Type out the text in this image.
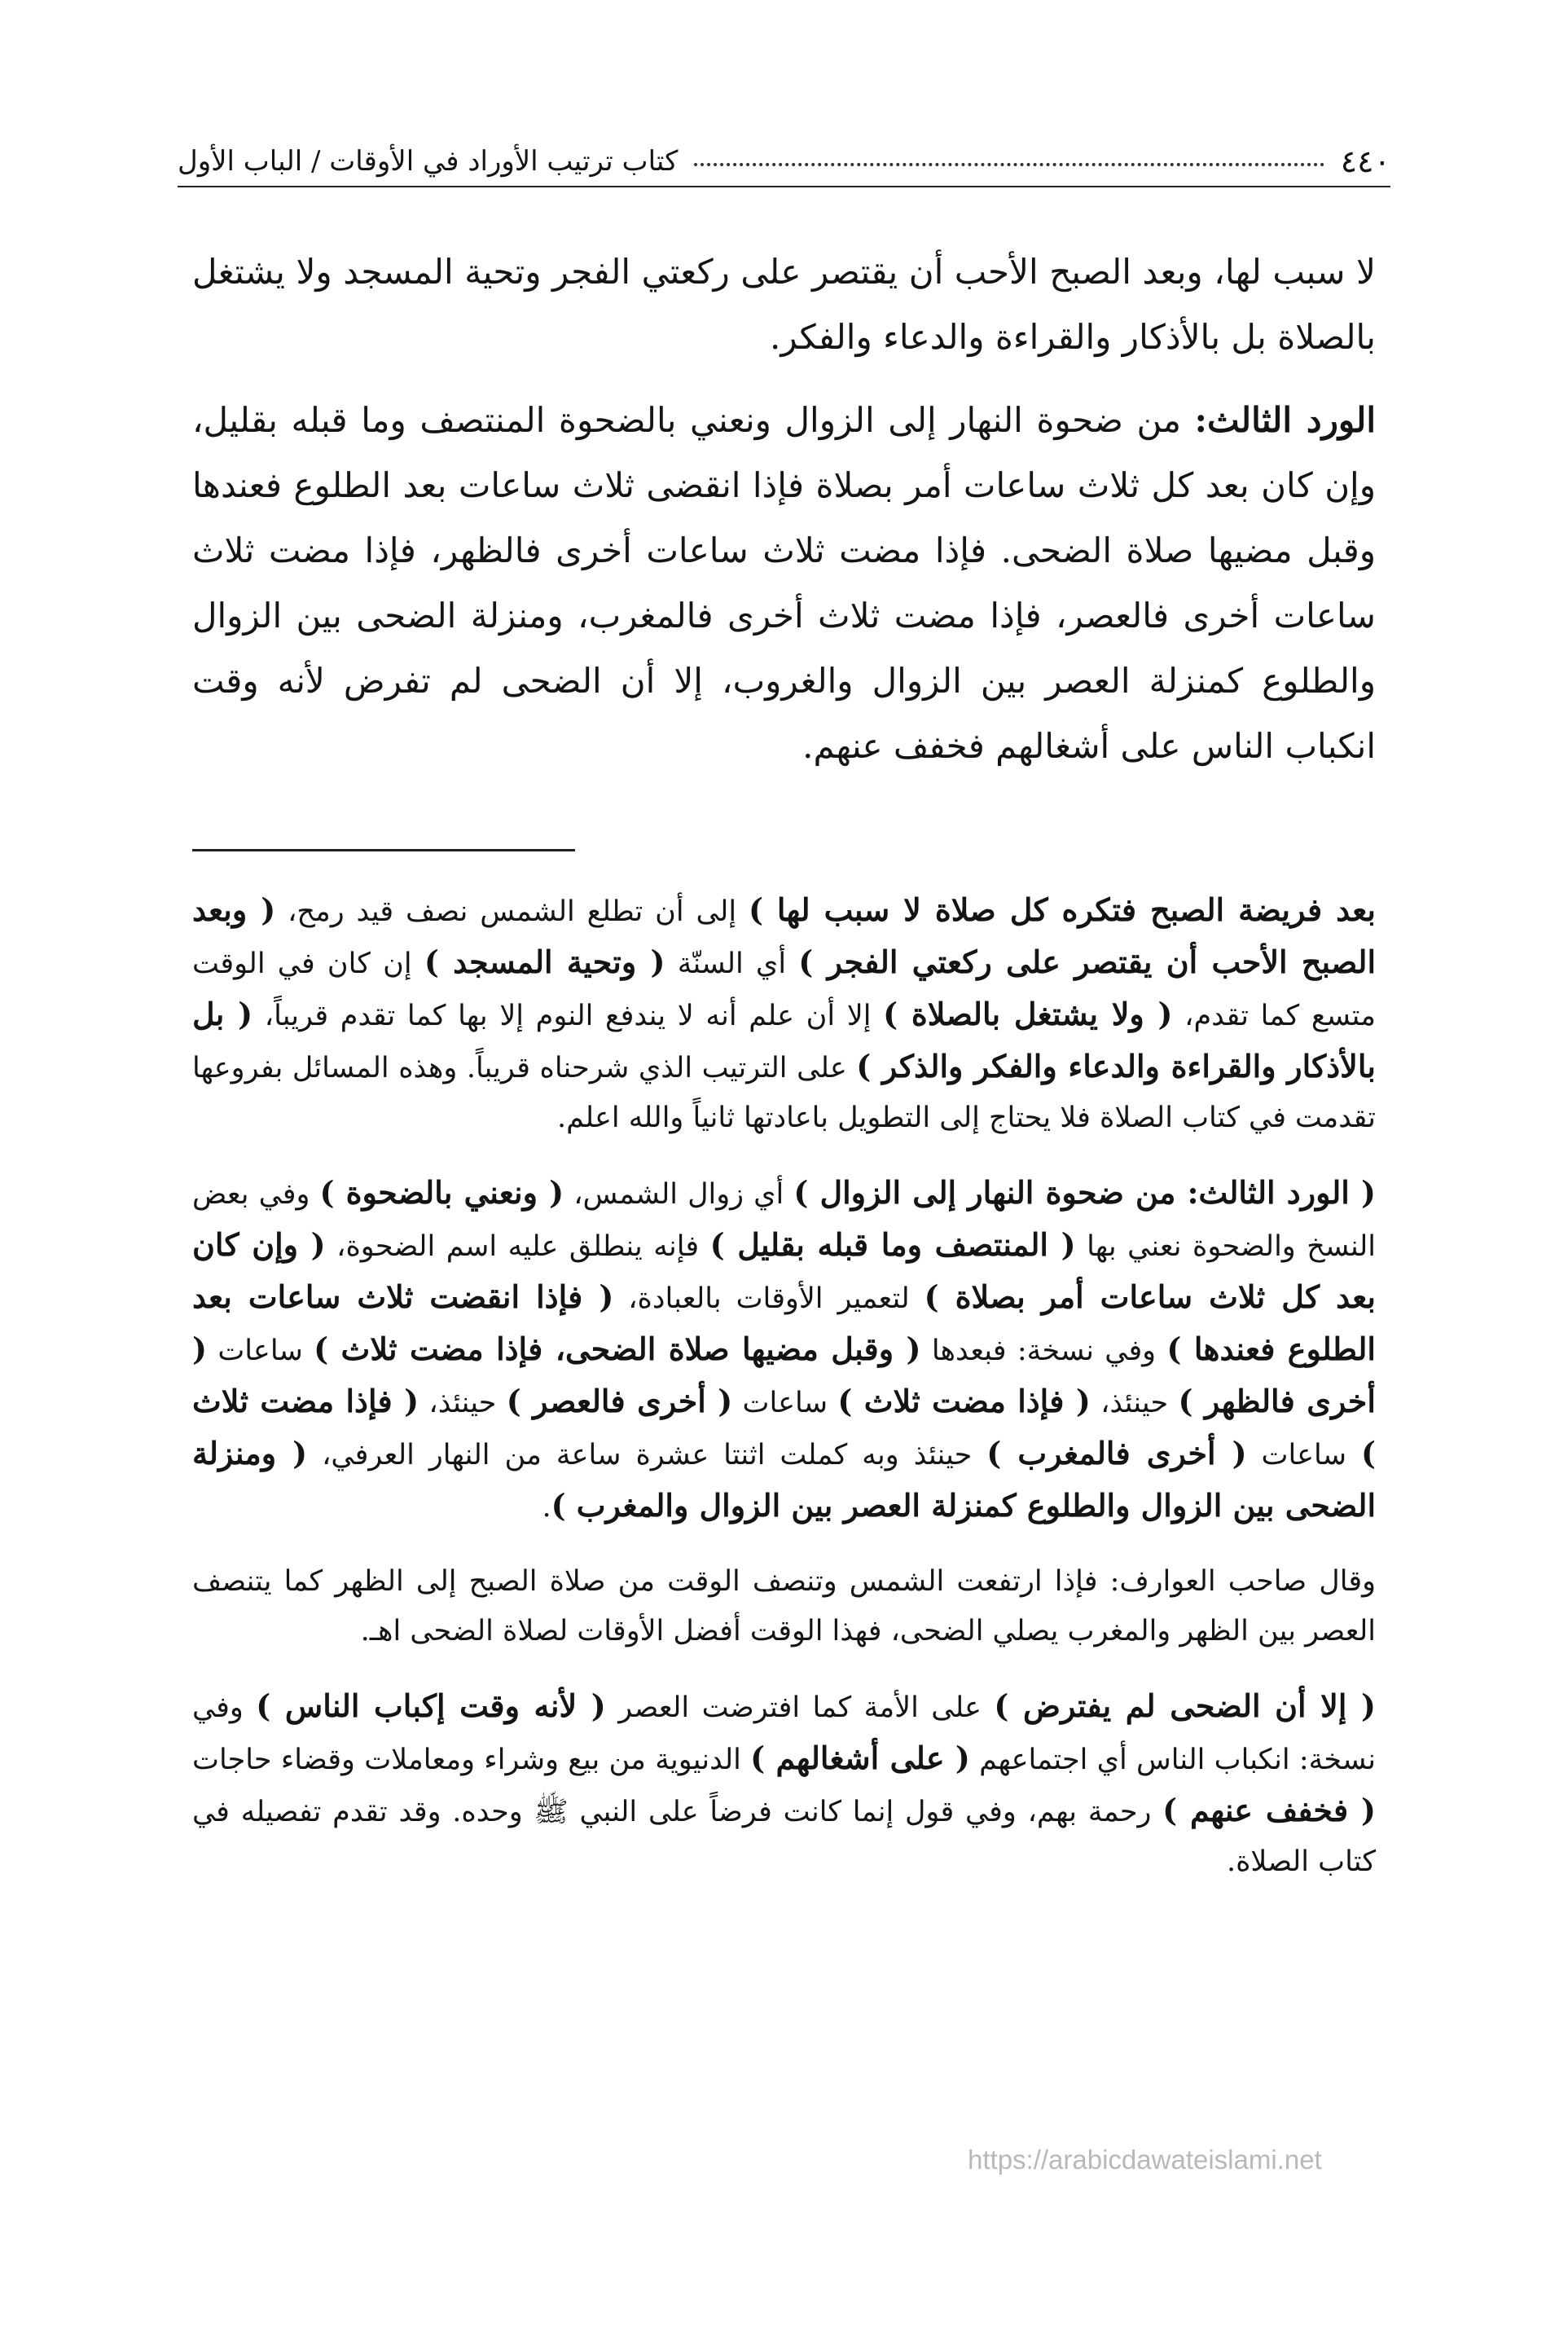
٤٤٠
كتاب ترتيب الأوراد في الأوقات / الباب الأول

لا سبب لها، وبعد الصبح الأحب أن يقتصر على ركعتي الفجر وتحية المسجد ولا يشتغل بالصلاة بل بالأذكار والقراءة والدعاء والفكر.

الورد الثالث: من ضحوة النهار إلى الزوال ونعني بالضحوة المنتصف وما قبله بقليل، وإن كان بعد كل ثلاث ساعات أمر بصلاة فإذا انقضى ثلاث ساعات بعد الطلوع فعندها وقبل مضيها صلاة الضحى. فإذا مضت ثلاث ساعات أخرى فالظهر، فإذا مضت ثلاث ساعات أخرى فالعصر، فإذا مضت ثلاث أخرى فالمغرب، ومنزلة الضحى بين الزوال والطلوع كمنزلة العصر بين الزوال والغروب، إلا أن الضحى لم تفرض لأنه وقت انكباب الناس على أشغالهم فخفف عنهم.

بعد فريضة الصبح فتكره كل صلاة لا سبب لها ) إلى أن تطلع الشمس نصف قيد رمح، ( وبعد الصبح الأحب أن يقتصر على ركعتي الفجر ) أي السنّة ( وتحية المسجد ) إن كان في الوقت متسع كما تقدم، ( ولا يشتغل بالصلاة ) إلا أن علم أنه لا يندفع النوم إلا بها كما تقدم قريباً، ( بل بالأذكار والقراءة والدعاء والفكر والذكر ) على الترتيب الذي شرحناه قريباً. وهذه المسائل بفروعها تقدمت في كتاب الصلاة فلا يحتاج إلى التطويل باعادتها ثانياً والله اعلم.

( الورد الثالث: من ضحوة النهار إلى الزوال ) أي زوال الشمس، ( ونعني بالضحوة ) وفي بعض النسخ والضحوة نعني بها ( المنتصف وما قبله بقليل ) فإنه ينطلق عليه اسم الضحوة، ( وإن كان بعد كل ثلاث ساعات أمر بصلاة ) لتعمير الأوقات بالعبادة، ( فإذا انقضت ثلاث ساعات بعد الطلوع فعندها ) وفي نسخة: فبعدها ( وقبل مضيها صلاة الضحى، فإذا مضت ثلاث ) ساعات ( أخرى فالظهر ) حينئذ، ( فإذا مضت ثلاث ) ساعات ( أخرى فالعصر ) حينئذ، ( فإذا مضت ثلاث ) ساعات ( أخرى فالمغرب ) حينئذ وبه كملت اثنتا عشرة ساعة من النهار العرفي، ( ومنزلة الضحى بين الزوال والطلوع كمنزلة العصر بين الزوال والمغرب ).

وقال صاحب العوارف: فإذا ارتفعت الشمس وتنصف الوقت من صلاة الصبح إلى الظهر كما يتنصف العصر بين الظهر والمغرب يصلي الضحى، فهذا الوقت أفضل الأوقات لصلاة الضحى اهـ.

( إلا أن الضحى لم يفترض ) على الأمة كما افترضت العصر ( لأنه وقت إكباب الناس ) وفي نسخة: انكباب الناس أي اجتماعهم ( على أشغالهم ) الدنيوية من بيع وشراء ومعاملات وقضاء حاجات ( فخفف عنهم ) رحمة بهم، وفي قول إنما كانت فرضاً على النبي ﷺ وحده. وقد تقدم تفصيله في كتاب الصلاة.

https://arabicdawateislami.net
